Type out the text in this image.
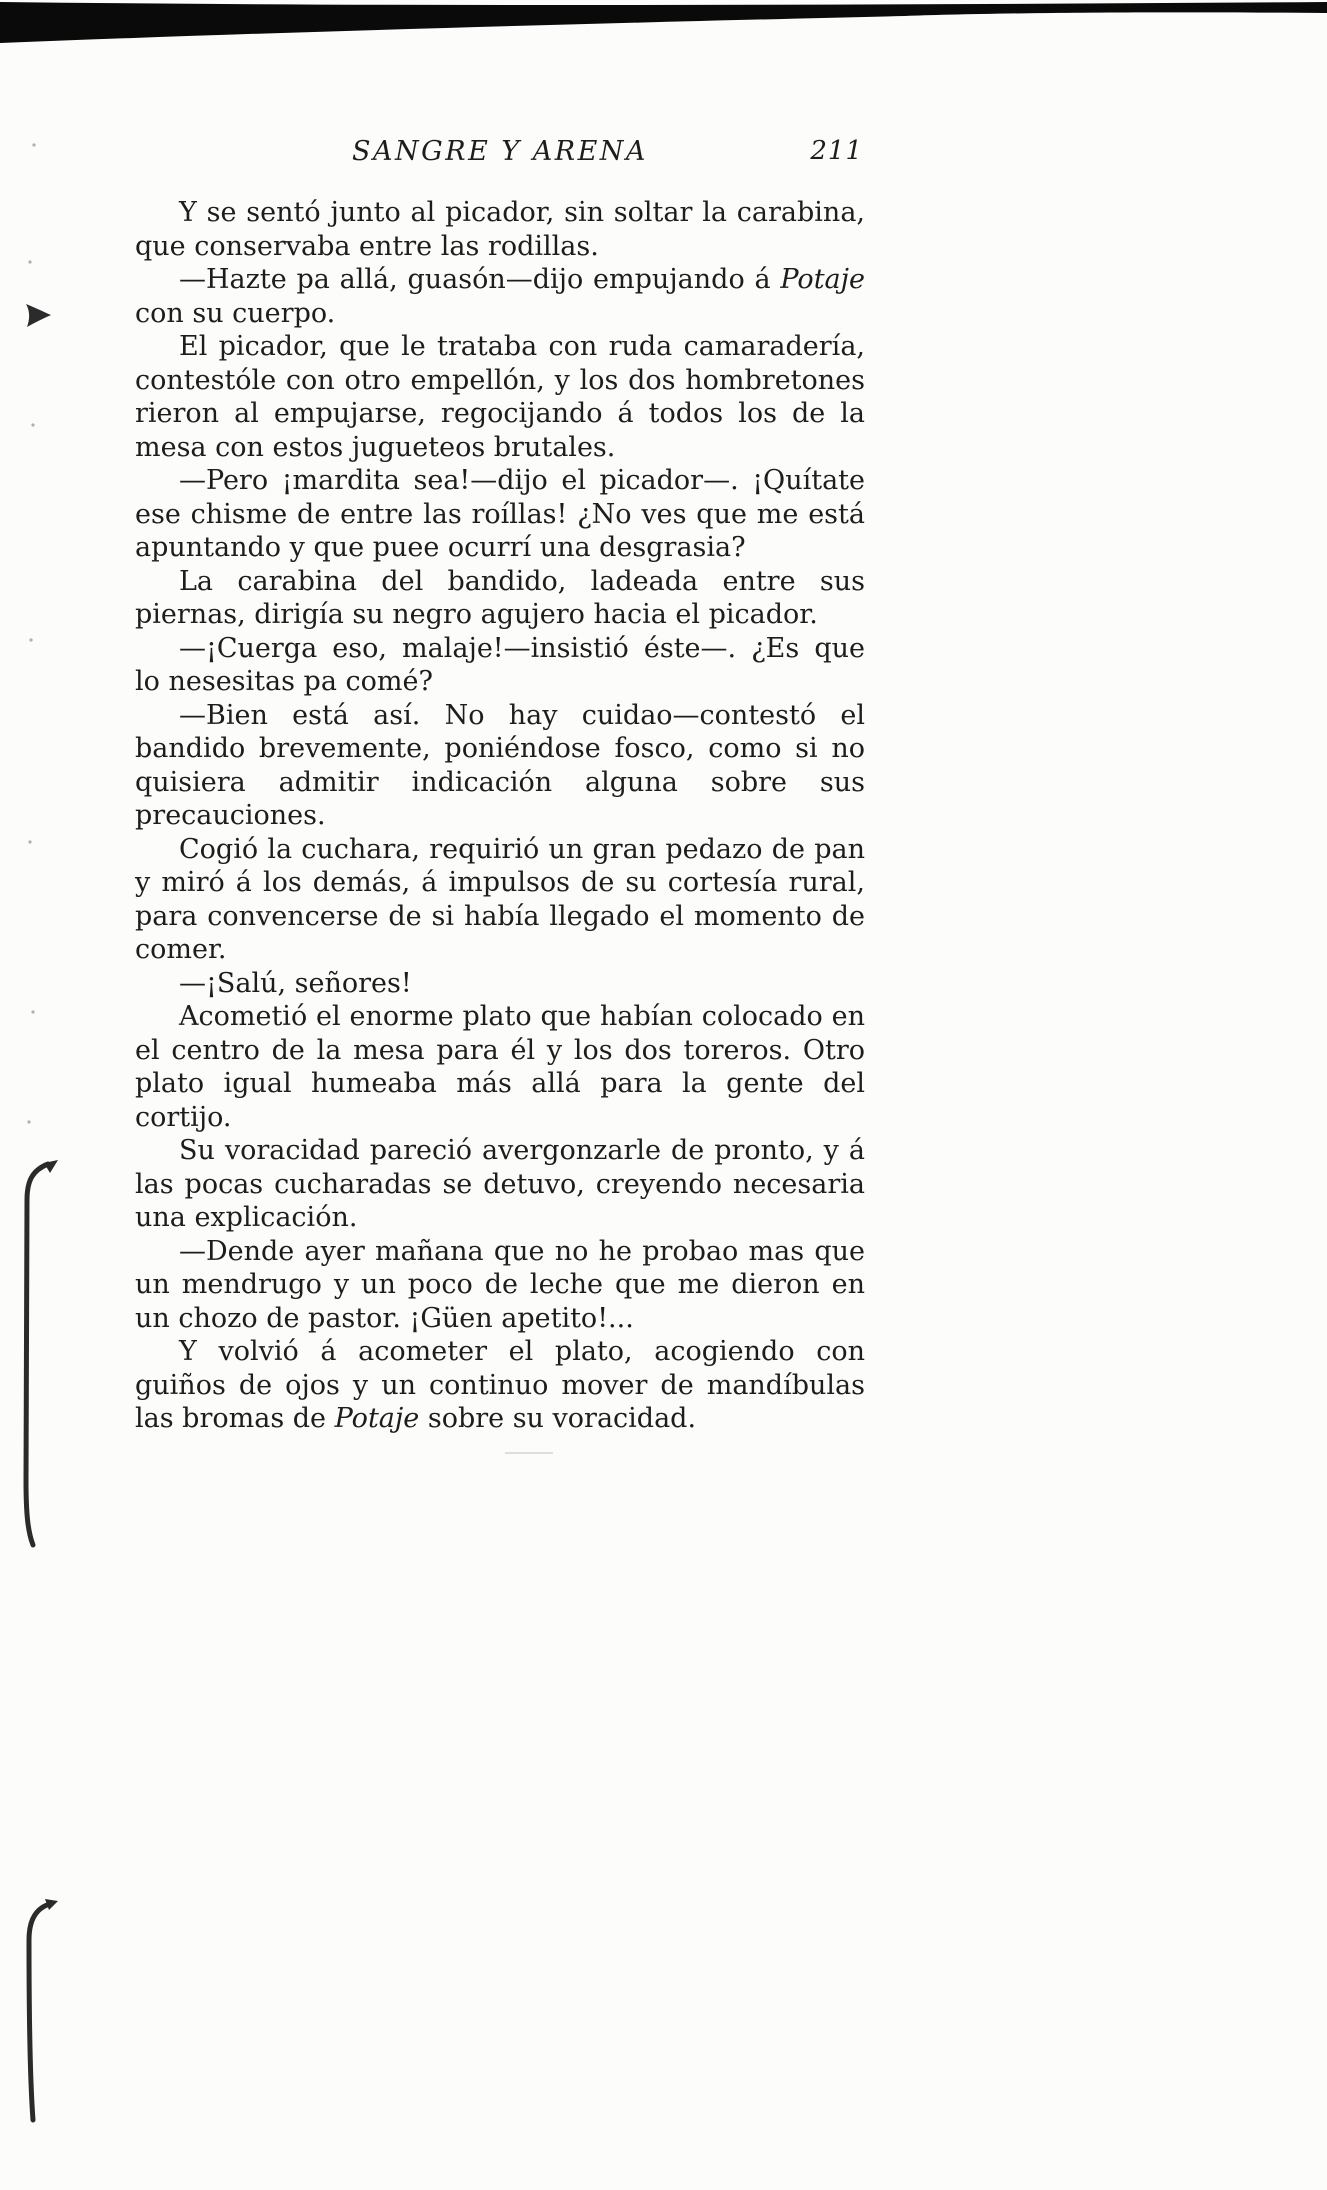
SANGRE Y ARENA	211

Y se sentó junto al picador, sin soltar la carabina, que conservaba entre las rodillas.

—Hazte pa allá, guasón—dijo empujando á Potaje con su cuerpo.

El picador, que le trataba con ruda camaradería, contestóle con otro empellón, y los dos hombretones rieron al empujarse, regocijando á todos los de la mesa con estos jugueteos brutales.

—Pero ¡mardita sea!—dijo el picador—. ¡Quítate ese chisme de entre las roíllas! ¿No ves que me está apuntando y que puee ocurrí una desgrasia?

La carabina del bandido, ladeada entre sus piernas, dirigía su negro agujero hacia el picador.

—¡Cuerga eso, malaje!—insistió éste—. ¿Es que lo nesesitas pa comé?

—Bien está así. No hay cuidao—contestó el bandido brevemente, poniéndose fosco, como si no quisiera admitir indicación alguna sobre sus precauciones.

Cogió la cuchara, requirió un gran pedazo de pan y miró á los demás, á impulsos de su cortesía rural, para convencerse de si había llegado el momento de comer.

—¡Salú, señores!

Acometió el enorme plato que habían colocado en el centro de la mesa para él y los dos toreros. Otro plato igual humeaba más allá para la gente del cortijo.

Su voracidad pareció avergonzarle de pronto, y á las pocas cucharadas se detuvo, creyendo necesaria una explicación.

—Dende ayer mañana que no he probao mas que un mendrugo y un poco de leche que me dieron en un chozo de pastor. ¡Güen apetito!...

Y volvió á acometer el plato, acogiendo con guiños de ojos y un continuo mover de mandíbulas las bromas de Potaje sobre su voracidad.
